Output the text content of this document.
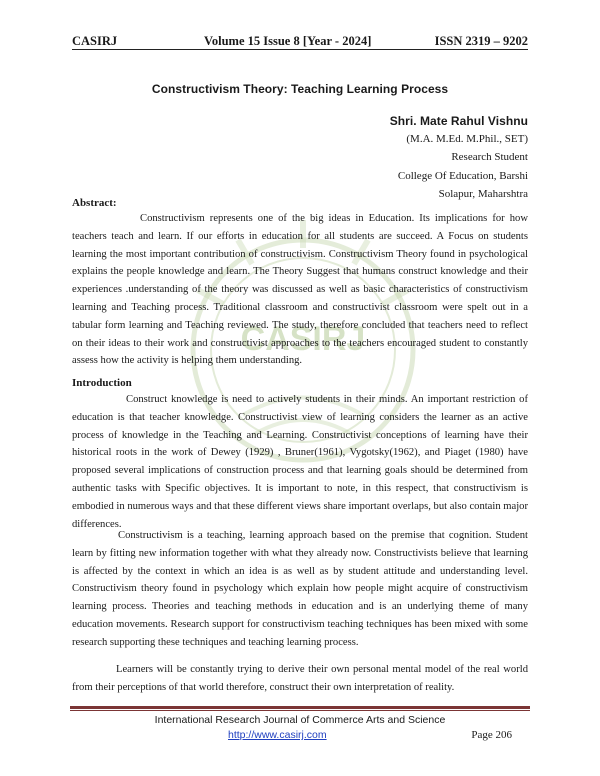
CASIRJ	Volume 15 Issue 8 [Year - 2024]	ISSN 2319 – 9202
CASIRJ
Constructivism Theory: Teaching Learning Process
Shri. Mate Rahul Vishnu
(M.A. M.Ed. M.Phil., SET)
Research Student
College Of Education, Barshi
Solapur, Maharshtra
Abstract:

Constructivism represents one of the big ideas in Education. Its implications for how teachers teach and learn. If our efforts in education for all students are succeed. A Focus on students learning the most important contribution of constructivism. Constructivism Theory found in psychological explains the people knowledge and learn. The Theory Suggest that humans construct knowledge and their experiences .understanding of the theory was discussed as well as basic characteristics of constructivism learning and Teaching process. Traditional classroom and constructivist classroom were spelt out in a tabular form learning and Teaching reviewed. The study, therefore concluded that teachers need to reflect on their ideas to their work and constructivist approaches to the teachers encouraged student to constantly assess how the activity is helping them understanding.

Introduction

Construct knowledge is need to actively students in their minds. An important restriction of education is that teacher knowledge. Constructivist view of learning considers the learner as an active process of knowledge in the Teaching and Learning. Constructivist conceptions of learning have their historical roots in the work of Dewey (1929) , Bruner(1961), Vygotsky(1962), and Piaget (1980) have proposed several implications of construction process and that learning goals should be determined from authentic tasks with Specific objectives. It is important to note, in this respect, that constructivism is embodied in numerous ways and that these different views share important overlaps, but also contain major differences.

Constructivism is a teaching, learning approach based on the premise that cognition. Student learn by fitting new information together with what they already now. Constructivists believe that learning is affected by the context in which an idea is as well as by student attitude and understanding level. Constructivism theory found in psychology which explain how people might acquire of constructivism learning process. Theories and teaching methods in education and is an underlying theme of many education movements. Research support for constructivism teaching techniques has been mixed with some research supporting these techniques and teaching learning process.

Learners will be constantly trying to derive their own personal mental model of the real world from their perceptions of that world therefore, construct their own interpretation of reality.

International Research Journal of Commerce Arts and Science
http://www.casirj.com	Page 206
